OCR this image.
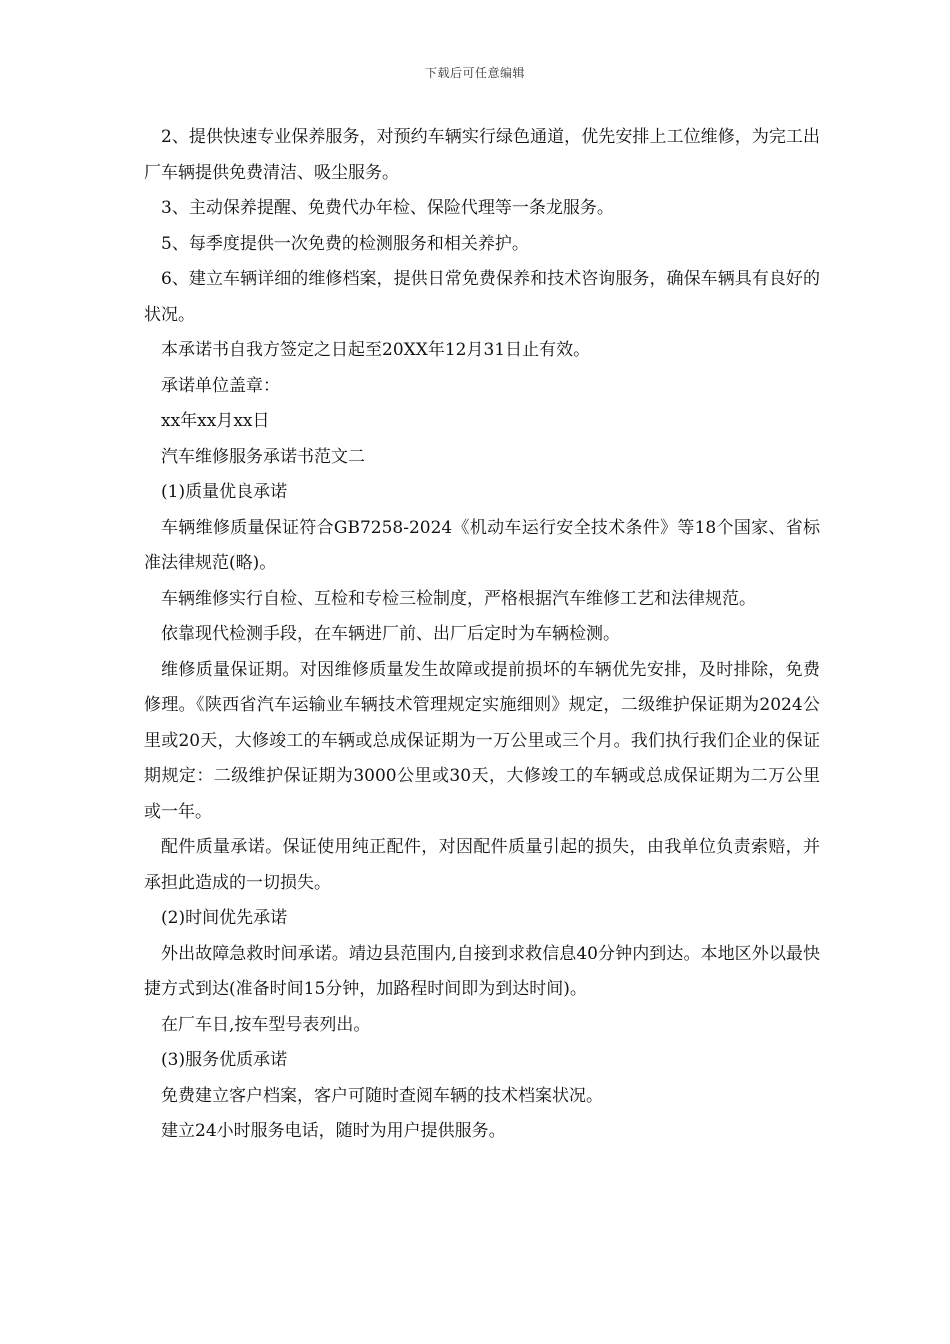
下载后可任意编辑

2、提供快速专业保养服务，对预约车辆实行绿色通道，优先安排上工位维修，为完工出厂车辆提供免费清洁、吸尘服务。

3、主动保养提醒、免费代办年检、保险代理等一条龙服务。

5、每季度提供一次免费的检测服务和相关养护。

6、建立车辆详细的维修档案，提供日常免费保养和技术咨询服务，确保车辆具有良好的状况。

本承诺书自我方签定之日起至20XX年12月31日止有效。

承诺单位盖章：

xx年xx月xx日

汽车维修服务承诺书范文二

(1)质量优良承诺

车辆维修质量保证符合GB7258-2024《机动车运行安全技术条件》等18个国家、省标准法律规范(略)。

车辆维修实行自检、互检和专检三检制度，严格根据汽车维修工艺和法律规范。

依靠现代检测手段，在车辆进厂前、出厂后定时为车辆检测。

维修质量保证期。对因维修质量发生故障或提前损坏的车辆优先安排，及时排除，免费修理。《陕西省汽车运输业车辆技术管理规定实施细则》规定，二级维护保证期为2024公里或20天，大修竣工的车辆或总成保证期为一万公里或三个月。我们执行我们企业的保证期规定：二级维护保证期为3000公里或30天，大修竣工的车辆或总成保证期为二万公里或一年。

配件质量承诺。保证使用纯正配件，对因配件质量引起的损失，由我单位负责索赔，并承担此造成的一切损失。

(2)时间优先承诺

外出故障急救时间承诺。靖边县范围内,自接到求救信息40分钟内到达。本地区外以最快捷方式到达(准备时间15分钟，加路程时间即为到达时间)。

在厂车日,按车型号表列出。

(3)服务优质承诺

免费建立客户档案，客户可随时查阅车辆的技术档案状况。

建立24小时服务电话，随时为用户提供服务。
